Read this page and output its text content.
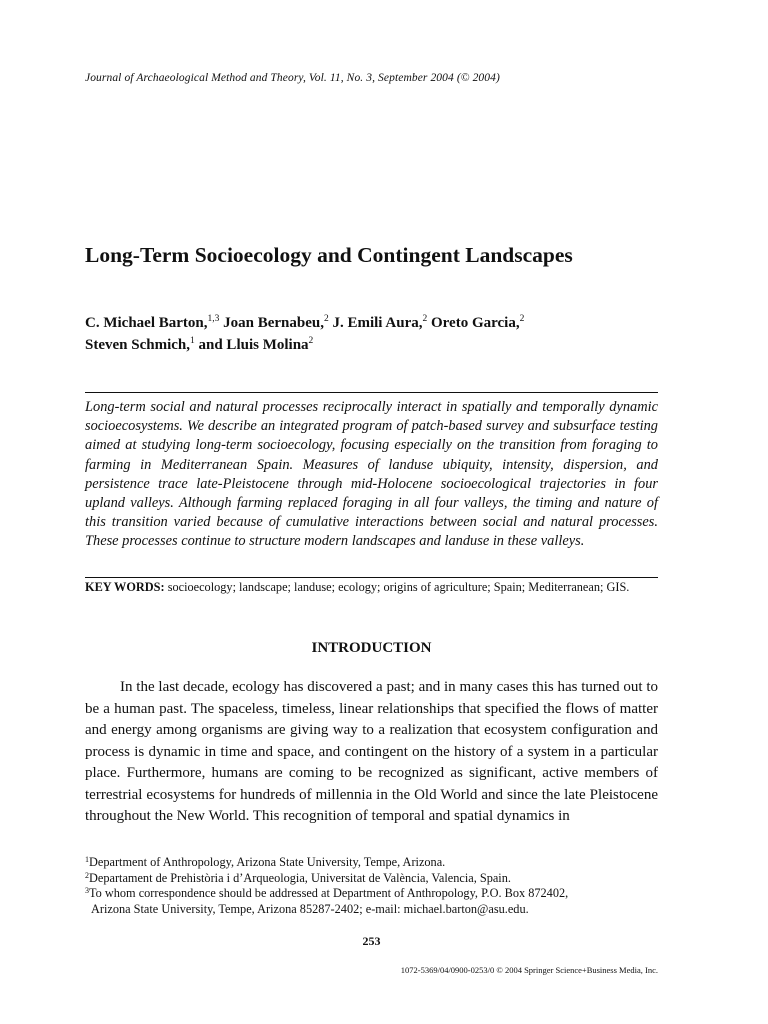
Journal of Archaeological Method and Theory, Vol. 11, No. 3, September 2004 (© 2004)
Long-Term Socioecology and Contingent Landscapes
C. Michael Barton,$^{1,3}$ Joan Bernabeu,$^2$ J. Emili Aura,$^2$ Oreto Garcia,$^2$
Steven Schmich,$^1$ and Lluis Molina$^2$

Long-term social and natural processes reciprocally interact in spatially and temporally dynamic socioecosystems. We describe an integrated program of patch-based survey and subsurface testing aimed at studying long-term socioecology, focusing especially on the transition from foraging to farming in Mediterranean Spain. Measures of landuse ubiquity, intensity, dispersion, and persistence trace late-Pleistocene through mid-Holocene socioecological trajectories in four upland valleys. Although farming replaced foraging in all four valleys, the timing and nature of this transition varied because of cumulative interactions between social and natural processes. These processes continue to structure modern landscapes and landuse in these valleys.

KEY WORDS: socioecology; landscape; landuse; ecology; origins of agriculture; Spain; Mediterranean; GIS.

INTRODUCTION

In the last decade, ecology has discovered a past; and in many cases this has turned out to be a human past. The spaceless, timeless, linear relationships that specified the flows of matter and energy among organisms are giving way to a realization that ecosystem configuration and process is dynamic in time and space, and contingent on the history of a system in a particular place. Furthermore, humans are coming to be recognized as significant, active members of terrestrial ecosystems for hundreds of millennia in the Old World and since the late Pleistocene throughout the New World. This recognition of temporal and spatial dynamics in

$^1$Department of Anthropology, Arizona State University, Tempe, Arizona.

$^2$Departament de Prehistòria i d’Arqueologia, Universitat de València, Valencia, Spain.

$^3$To whom correspondence should be addressed at Department of Anthropology, P.O. Box 872402,

Arizona State University, Tempe, Arizona 85287-2402; e-mail: michael.barton@asu.edu.

253
1072-5369/04/0900-0253/0 © 2004 Springer Science+Business Media, Inc.
